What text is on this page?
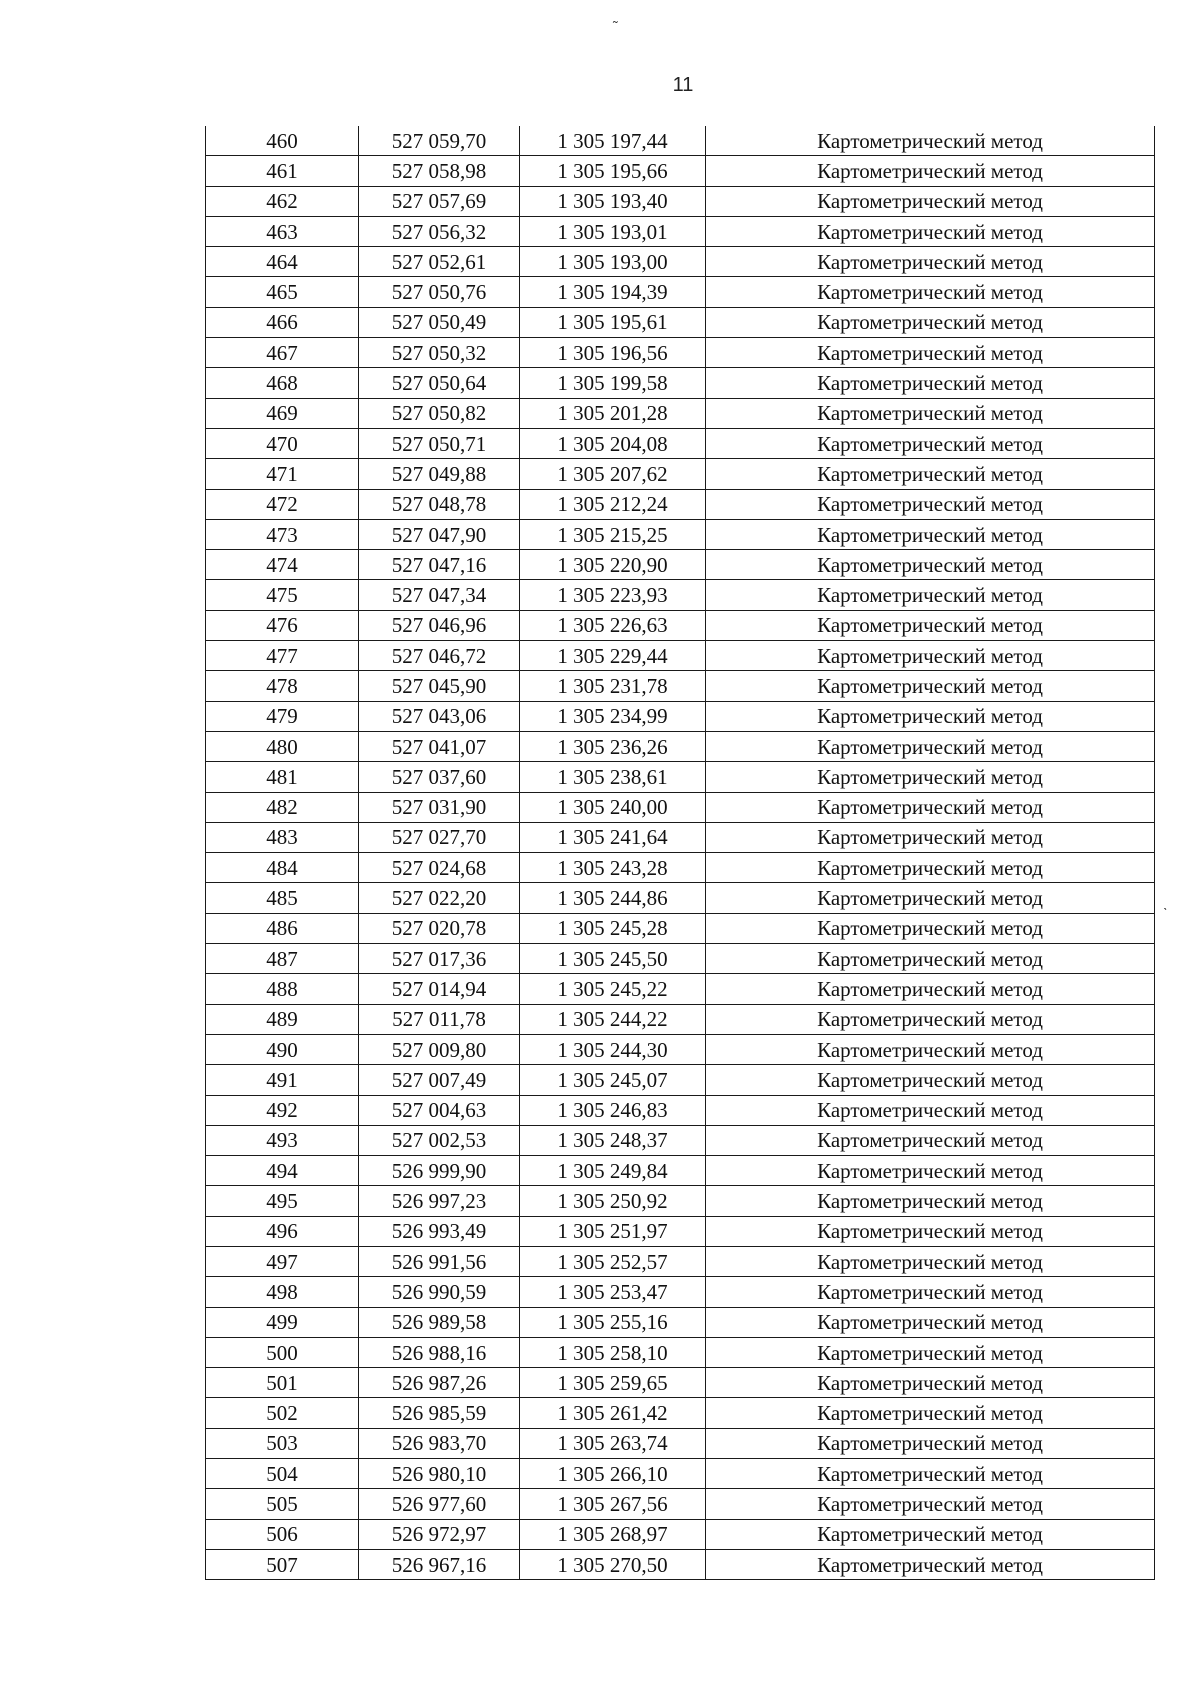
˜
ˋ
11
460	527 059,70	1 305 197,44	Картометрический метод
461	527 058,98	1 305 195,66	Картометрический метод
462	527 057,69	1 305 193,40	Картометрический метод
463	527 056,32	1 305 193,01	Картометрический метод
464	527 052,61	1 305 193,00	Картометрический метод
465	527 050,76	1 305 194,39	Картометрический метод
466	527 050,49	1 305 195,61	Картометрический метод
467	527 050,32	1 305 196,56	Картометрический метод
468	527 050,64	1 305 199,58	Картометрический метод
469	527 050,82	1 305 201,28	Картометрический метод
470	527 050,71	1 305 204,08	Картометрический метод
471	527 049,88	1 305 207,62	Картометрический метод
472	527 048,78	1 305 212,24	Картометрический метод
473	527 047,90	1 305 215,25	Картометрический метод
474	527 047,16	1 305 220,90	Картометрический метод
475	527 047,34	1 305 223,93	Картометрический метод
476	527 046,96	1 305 226,63	Картометрический метод
477	527 046,72	1 305 229,44	Картометрический метод
478	527 045,90	1 305 231,78	Картометрический метод
479	527 043,06	1 305 234,99	Картометрический метод
480	527 041,07	1 305 236,26	Картометрический метод
481	527 037,60	1 305 238,61	Картометрический метод
482	527 031,90	1 305 240,00	Картометрический метод
483	527 027,70	1 305 241,64	Картометрический метод
484	527 024,68	1 305 243,28	Картометрический метод
485	527 022,20	1 305 244,86	Картометрический метод
486	527 020,78	1 305 245,28	Картометрический метод
487	527 017,36	1 305 245,50	Картометрический метод
488	527 014,94	1 305 245,22	Картометрический метод
489	527 011,78	1 305 244,22	Картометрический метод
490	527 009,80	1 305 244,30	Картометрический метод
491	527 007,49	1 305 245,07	Картометрический метод
492	527 004,63	1 305 246,83	Картометрический метод
493	527 002,53	1 305 248,37	Картометрический метод
494	526 999,90	1 305 249,84	Картометрический метод
495	526 997,23	1 305 250,92	Картометрический метод
496	526 993,49	1 305 251,97	Картометрический метод
497	526 991,56	1 305 252,57	Картометрический метод
498	526 990,59	1 305 253,47	Картометрический метод
499	526 989,58	1 305 255,16	Картометрический метод
500	526 988,16	1 305 258,10	Картометрический метод
501	526 987,26	1 305 259,65	Картометрический метод
502	526 985,59	1 305 261,42	Картометрический метод
503	526 983,70	1 305 263,74	Картометрический метод
504	526 980,10	1 305 266,10	Картометрический метод
505	526 977,60	1 305 267,56	Картометрический метод
506	526 972,97	1 305 268,97	Картометрический метод
507	526 967,16	1 305 270,50	Картометрический метод
